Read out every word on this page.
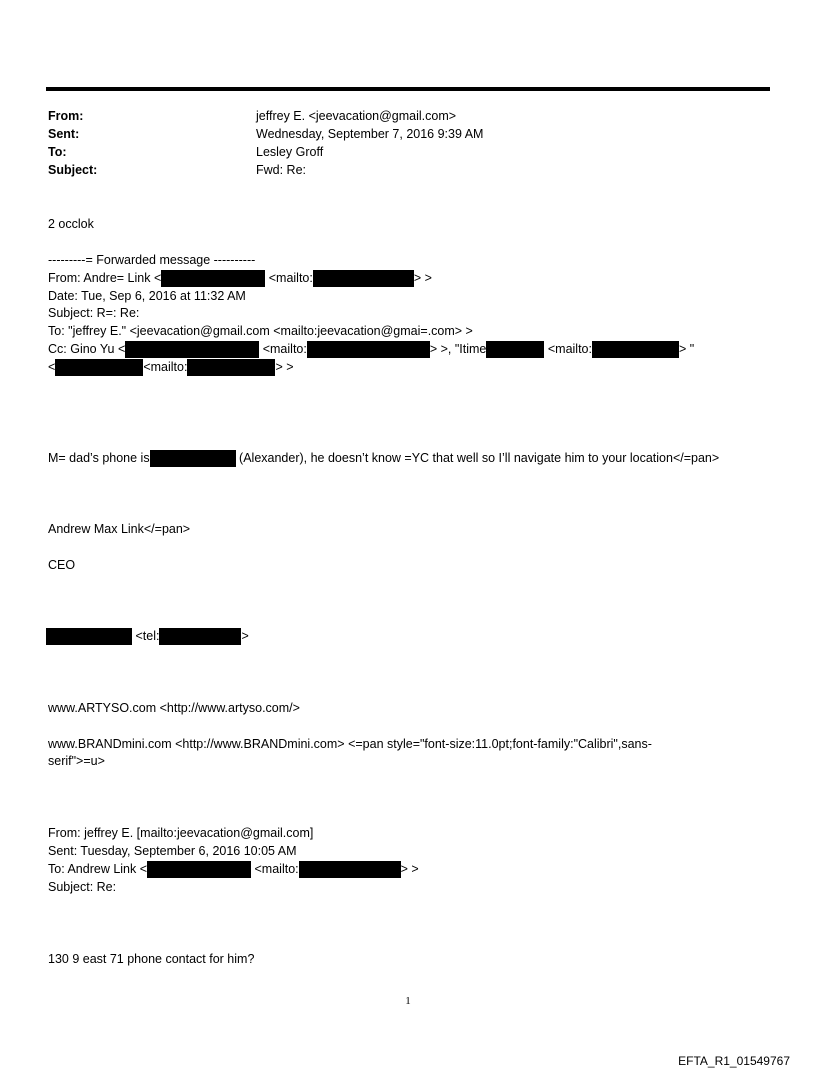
From:	jeffrey E. <jeevacation@gmail.com>
Sent:	Wednesday, September 7, 2016 9:39 AM
To:	Lesley Groff
Subject:	Fwd: Re:
2 occlok
---------= Forwarded message ----------
From: Andre= Link <	<mailto:	> >
Date: Tue, Sep 6, 2016 at 11:32 AM
Subject: R=: Re:
To: "jeffrey E." <jeevacation@gmail.com <mailto:jeevacation@gmai=.com> >
Cc: Gino Yu <	<mailto:	> >, "Itime	<mailto:	> "
<	<mailto:	> >
M= dad’s phone is	(Alexander), he doesn’t know =YC that well so I’ll navigate him to your location</=pan>
Andrew Max Link</=pan>
CEO
<tel:	>
www.ARTYSO.com <http://www.artyso.com/>
www.BRANDmini.com <http://www.BRANDmini.com> <=pan style="font-size:11.0pt;font-family:"Calibri",sans-
serif">=u>
From: jeffrey E. [mailto:jeevacation@gmail.com]
Sent: Tuesday, September 6, 2016 10:05 AM
To: Andrew Link <	<mailto:	> >
Subject: Re:
130 9 east 71 phone contact for him?
1
EFTA_R1_01549767
